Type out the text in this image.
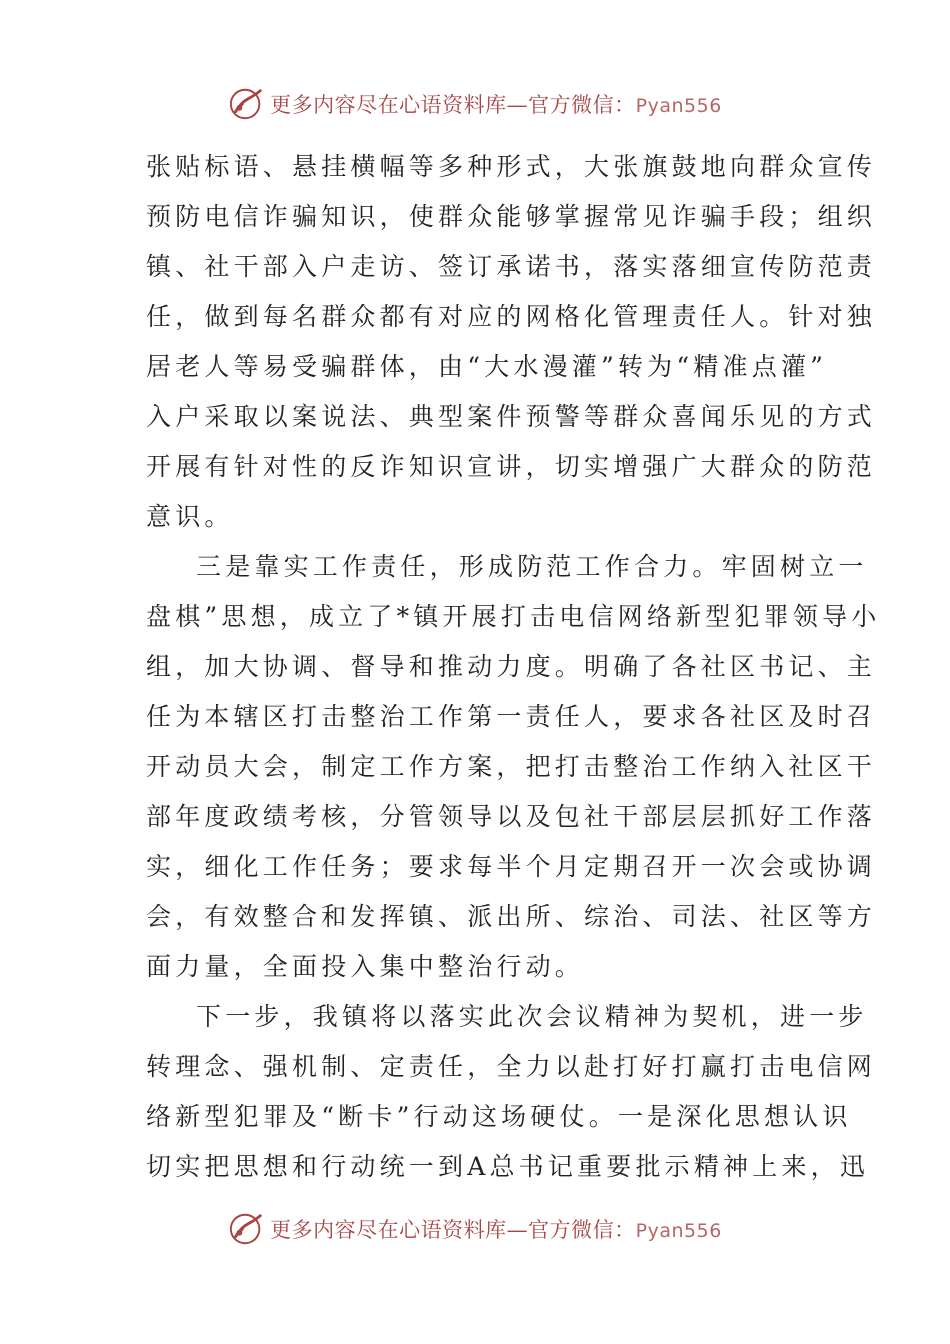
更多内容尽在心语资料库—官方微信：Pyan556

张贴标语、悬挂横幅等多种形式，大张旗鼓地向群众宣传
预防电信诈骗知识，使群众能够掌握常见诈骗手段；组织
镇、社干部入户走访、签订承诺书，落实落细宣传防范责
任，做到每名群众都有对应的网格化管理责任人。针对独
居老人等易受骗群体，由“大水漫灌”转为“精准点灌”
入户采取以案说法、典型案件预警等群众喜闻乐见的方式
开展有针对性的反诈知识宣讲，切实增强广大群众的防范
意识。

三是靠实工作责任，形成防范工作合力。牢固树立一
盘棋”思想，成立了*镇开展打击电信网络新型犯罪领导小
组，加大协调、督导和推动力度。明确了各社区书记、主
任为本辖区打击整治工作第一责任人，要求各社区及时召
开动员大会，制定工作方案，把打击整治工作纳入社区干
部年度政绩考核，分管领导以及包社干部层层抓好工作落
实，细化工作任务；要求每半个月定期召开一次会或协调
会，有效整合和发挥镇、派出所、综治、司法、社区等方
面力量，全面投入集中整治行动。

下一步，我镇将以落实此次会议精神为契机，进一步
转理念、强机制、定责任，全力以赴打好打赢打击电信网
络新型犯罪及“断卡”行动这场硬仗。一是深化思想认识
切实把思想和行动统一到A总书记重要批示精神上来，迅

更多内容尽在心语资料库—官方微信：Pyan556
